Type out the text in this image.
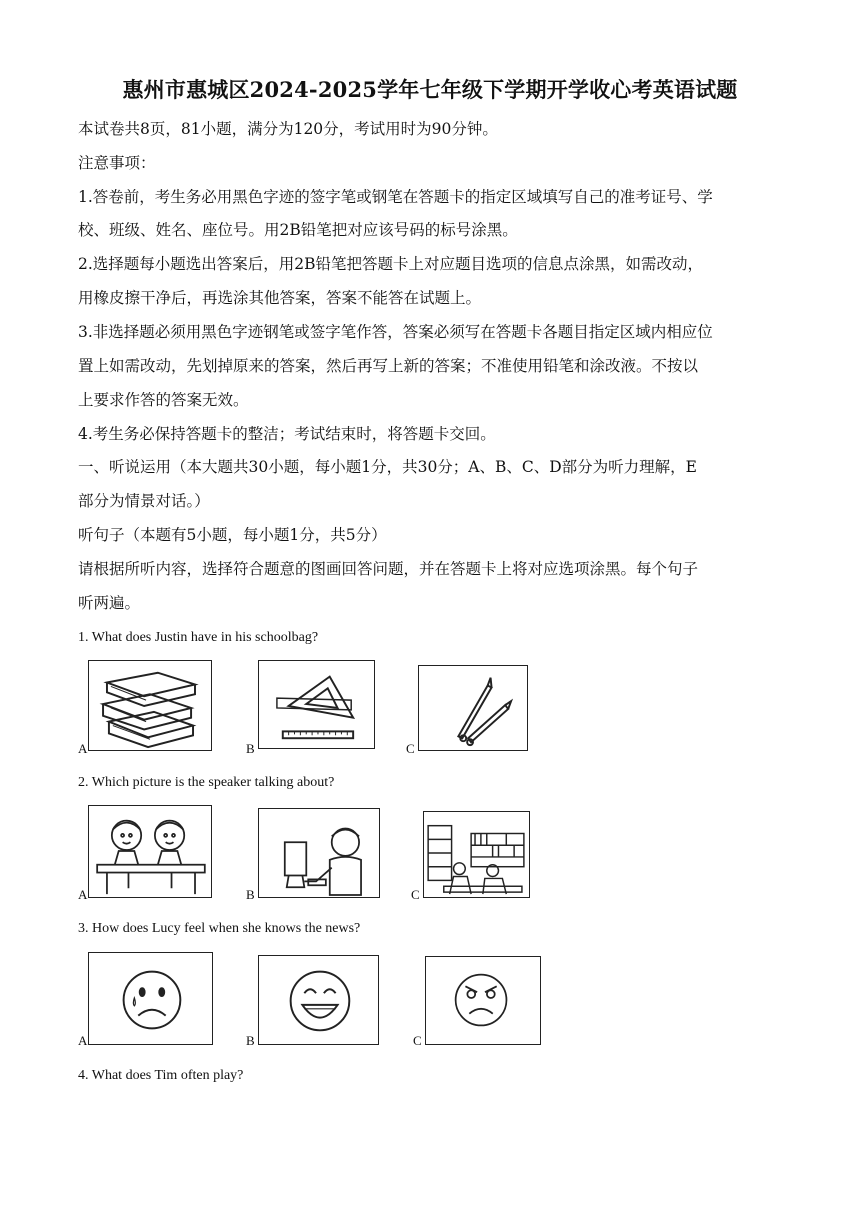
惠州市惠城区2024-2025学年七年级下学期开学收心考英语试题
本试卷共8页，81小题，满分为120分，考试用时为90分钟。
注意事项：
1.答卷前，考生务必用黑色字迹的签字笔或钢笔在答题卡的指定区域填写自己的准考证号、学
校、班级、姓名、座位号。用2B铅笔把对应该号码的标号涂黑。
2.选择题每小题选出答案后，用2B铅笔把答题卡上对应题目选项的信息点涂黑，如需改动，
用橡皮擦干净后，再选涂其他答案，答案不能答在试题上。
3.非选择题必须用黑色字迹钢笔或签字笔作答，答案必须写在答题卡各题目指定区域内相应位
置上如需改动，先划掉原来的答案，然后再写上新的答案；不准使用铅笔和涂改液。不按以
上要求作答的答案无效。
4.考生务必保持答题卡的整洁；考试结束时，将答题卡交回。
一、听说运用（本大题共30小题，每小题1分，共30分；A、B、C、D部分为听力理解，E
部分为情景对话。）
听句子（本题有5小题，每小题1分，共5分）
请根据所听内容，选择符合题意的图画回答问题，并在答题卡上将对应选项涂黑。每个句子
听两遍。
1. What does Justin have in his schoolbag?
A	B	C
2. Which picture is the speaker talking about?
A	B	C
3. How does Lucy feel when she knows the news?
A	B	C
4. What does Tim often play?
